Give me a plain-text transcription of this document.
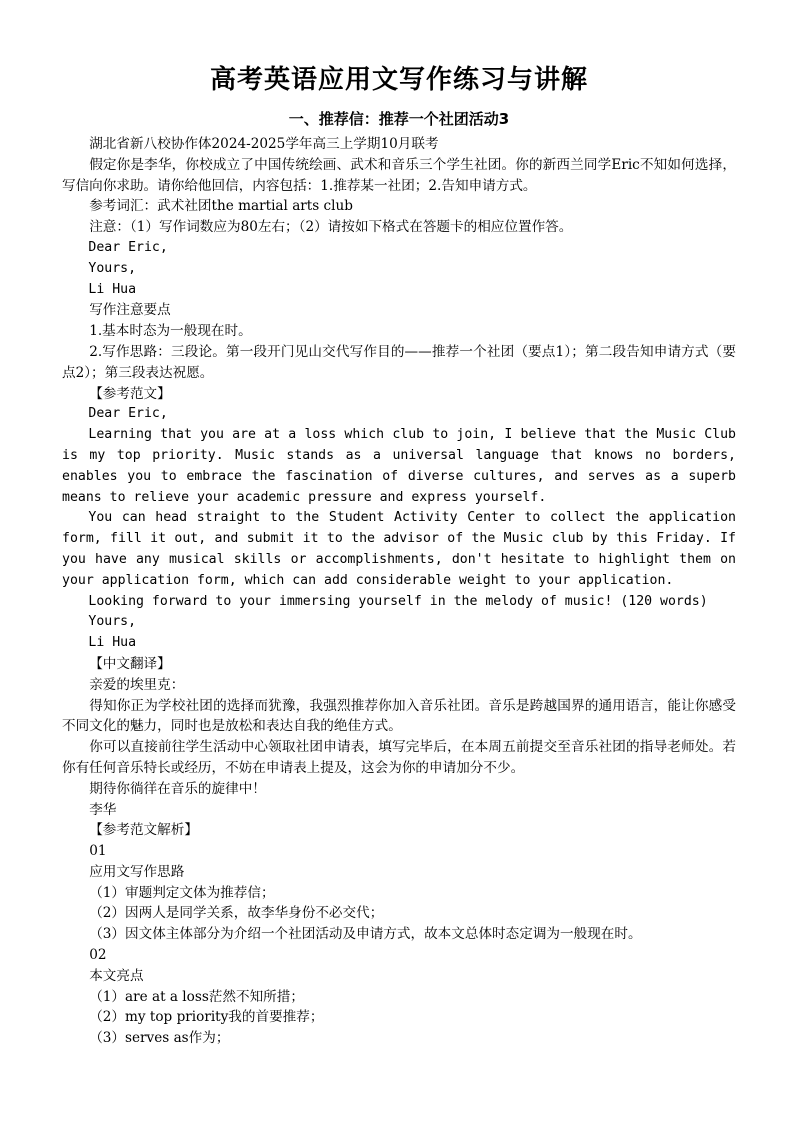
高考英语应用文写作练习与讲解
一、推荐信：推荐一个社团活动3

湖北省新八校协作体2024-2025学年高三上学期10月联考

假定你是李华，你校成立了中国传统绘画、武术和音乐三个学生社团。你的新西兰同学Eric不知如何选择，写信向你求助。请你给他回信，内容包括：1.推荐某一社团；2.告知申请方式。

参考词汇：武术社团the martial arts club

注意：（1）写作词数应为80左右；（2）请按如下格式在答题卡的相应位置作答。

Dear Eric,

Yours,

Li Hua

写作注意要点

1.基本时态为一般现在时。

2.写作思路：三段论。第一段开门见山交代写作目的——推荐一个社团（要点1）；第二段告知申请方式（要点2）；第三段表达祝愿。

【参考范文】

Dear Eric,

Learning that you are at a loss which club to join, I believe that the Music Club is my top priority. Music stands as a universal language that knows no borders, enables you to embrace the fascination of diverse cultures, and serves as a superb means to relieve your academic pressure and express yourself.

You can head straight to the Student Activity Center to collect the application form, fill it out, and submit it to the advisor of the Music club by this Friday. If you have any musical skills or accomplishments, don't hesitate to highlight them on your application form, which can add considerable weight to your application.

Looking forward to your immersing yourself in the melody of music! (120 words)

Yours,

Li Hua

【中文翻译】

亲爱的埃里克：

得知你正为学校社团的选择而犹豫，我强烈推荐你加入音乐社团。音乐是跨越国界的通用语言，能让你感受不同文化的魅力，同时也是放松和表达自我的绝佳方式。

你可以直接前往学生活动中心领取社团申请表，填写完毕后，在本周五前提交至音乐社团的指导老师处。若你有任何音乐特长或经历，不妨在申请表上提及，这会为你的申请加分不少。

期待你徜徉在音乐的旋律中！

李华

【参考范文解析】

01

应用文写作思路

（1）审题判定文体为推荐信；

（2）因两人是同学关系，故李华身份不必交代；

（3）因文体主体部分为介绍一个社团活动及申请方式，故本文总体时态定调为一般现在时。

02

本文亮点

（1）are at a loss茫然不知所措；

（2）my top priority我的首要推荐；

（3）serves as作为；
